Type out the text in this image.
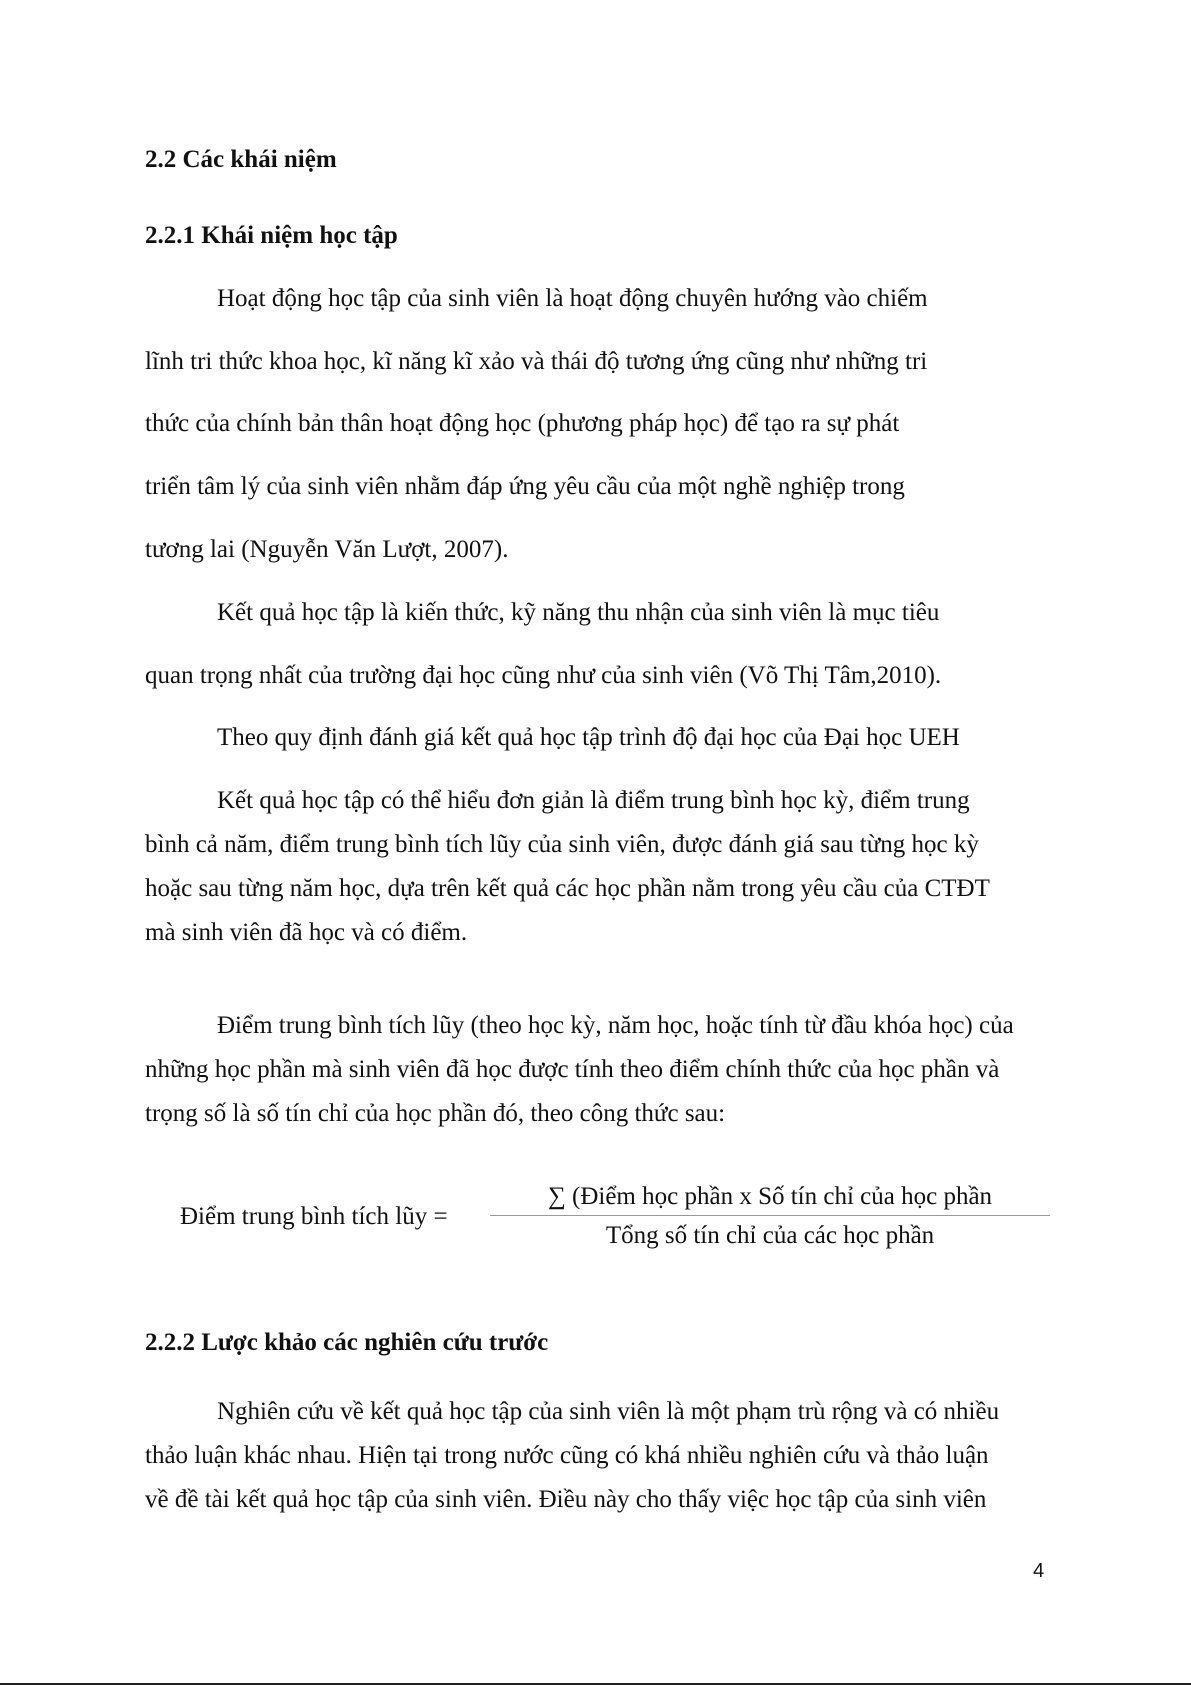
2.2 Các khái niệm
2.2.1 Khái niệm học tập
Hoạt động học tập của sinh viên là hoạt động chuyên hướng vào chiếm
lĩnh tri thức khoa học, kĩ năng kĩ xảo và thái độ tương ứng cũng như những tri
thức của chính bản thân hoạt động học (phương pháp học) để tạo ra sự phát
triển tâm lý của sinh viên nhằm đáp ứng yêu cầu của một nghề nghiệp trong
tương lai (Nguyễn Văn Lượt, 2007).
Kết quả học tập là kiến thức, kỹ năng thu nhận của sinh viên là mục tiêu
quan trọng nhất của trường đại học cũng như của sinh viên (Võ Thị Tâm,2010).
Theo quy định đánh giá kết quả học tập trình độ đại học của Đại học UEH
Kết quả học tập có thể hiểu đơn giản là điểm trung bình học kỳ, điểm trung
bình cả năm, điểm trung bình tích lũy của sinh viên, được đánh giá sau từng học kỳ
hoặc sau từng năm học, dựa trên kết quả các học phần nằm trong yêu cầu của CTĐT
mà sinh viên đã học và có điểm.
Điểm trung bình tích lũy (theo học kỳ, năm học, hoặc tính từ đầu khóa học) của
những học phần mà sinh viên đã học được tính theo điểm chính thức của học phần và
trọng số là số tín chỉ của học phần đó, theo công thức sau:
Điểm trung bình tích lũy =
∑ (Điểm học phần x Số tín chỉ của học phần
Tổng số tín chỉ của các học phần
2.2.2 Lược khảo các nghiên cứu trước
Nghiên cứu về kết quả học tập của sinh viên là một phạm trù rộng và có nhiều
thảo luận khác nhau. Hiện tại trong nước cũng có khá nhiều nghiên cứu và thảo luận
về đề tài kết quả học tập của sinh viên. Điều này cho thấy việc học tập của sinh viên
4
